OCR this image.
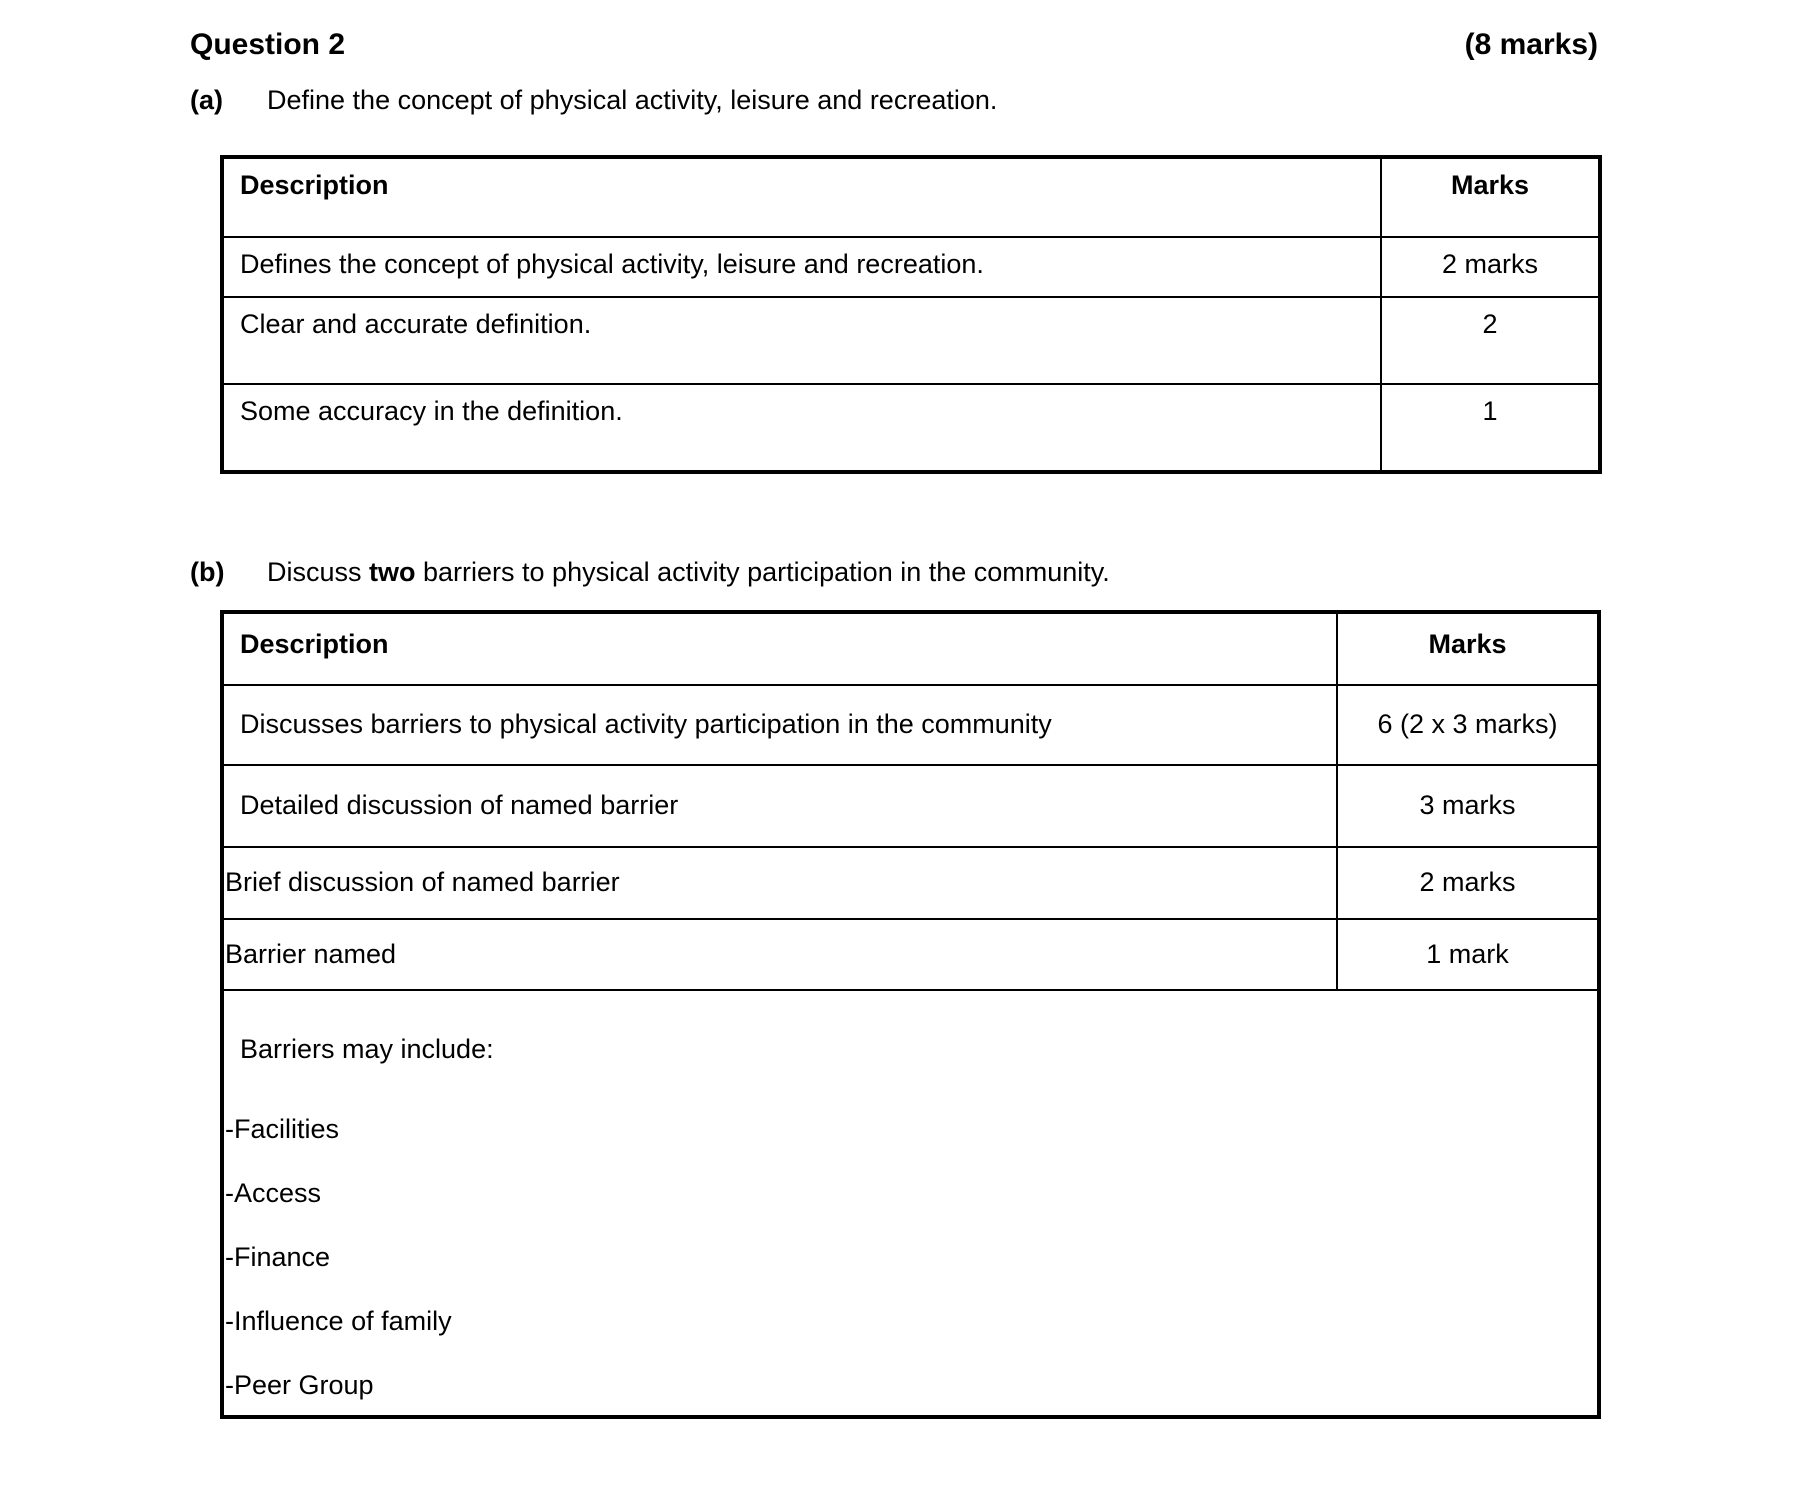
Question 2	(8 marks)
(a)	Define the concept of physical activity, leisure and recreation.
Description	Marks
Defines the concept of physical activity, leisure and recreation.	2 marks
Clear and accurate definition.	2
Some accuracy in the definition.	1
(b)	Discuss two barriers to physical activity participation in the community.
Description	Marks
Discusses barriers to physical activity participation in the community	6 (2 x 3 marks)
Detailed discussion of named barrier	3 marks
Brief discussion of named barrier	2 marks
Barrier named	1 mark

Barriers may include:
-Facilities
-Access
-Finance
-Influence of family
-Peer Group
